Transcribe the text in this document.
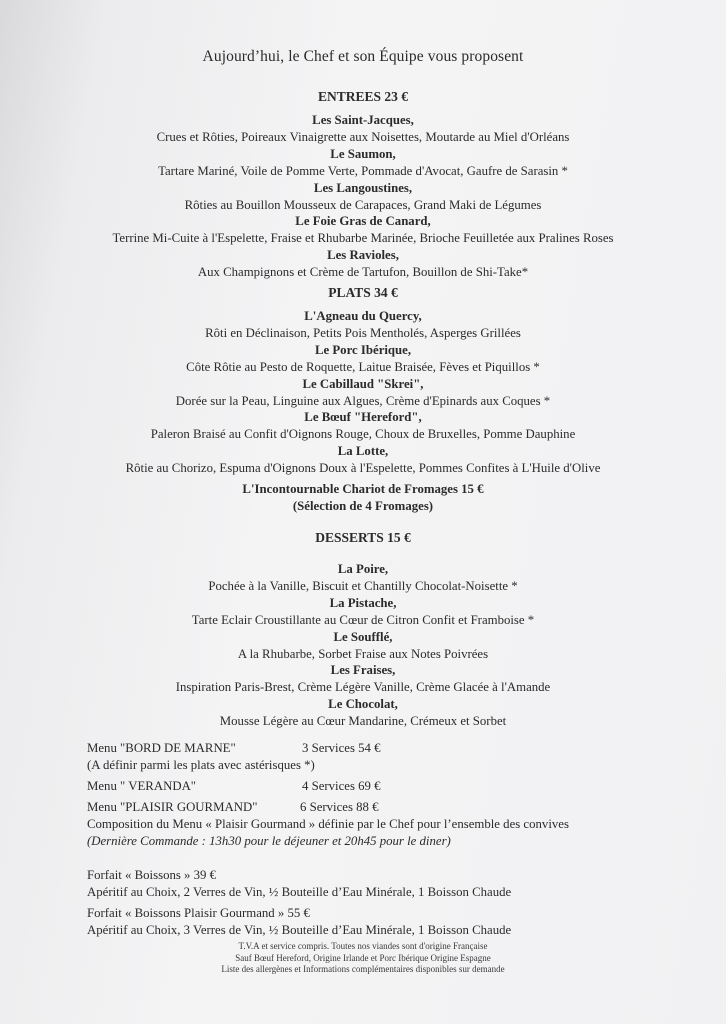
Aujourd’hui, le Chef et son Équipe vous proposent
ENTREES 23 €
Les Saint-Jacques,
Crues et Rôties, Poireaux Vinaigrette aux Noisettes, Moutarde au Miel d'Orléans
Le Saumon,
Tartare Mariné, Voile de Pomme Verte, Pommade d'Avocat, Gaufre de Sarasin *
Les Langoustines,
Rôties au Bouillon Mousseux de Carapaces, Grand Maki de Légumes
Le Foie Gras de Canard,
Terrine Mi-Cuite à l'Espelette, Fraise et Rhubarbe Marinée, Brioche Feuilletée aux Pralines Roses
Les Ravioles,
Aux Champignons et Crème de Tartufon, Bouillon de Shi-Take*
PLATS 34 €
L'Agneau du Quercy,
Rôti en Déclinaison, Petits Pois Mentholés, Asperges Grillées
Le Porc Ibérique,
Côte Rôtie au Pesto de Roquette, Laitue Braisée, Fèves et Piquillos *
Le Cabillaud "Skrei",
Dorée sur la Peau, Linguine aux Algues, Crème d'Epinards aux Coques *
Le Bœuf "Hereford",
Paleron Braisé au Confit d'Oignons Rouge, Choux de Bruxelles, Pomme Dauphine
La Lotte,
Rôtie au Chorizo, Espuma d'Oignons Doux à l'Espelette, Pommes Confites à L'Huile d'Olive
L'Incontournable Chariot de Fromages 15 €
(Sélection de 4 Fromages)
DESSERTS 15 €
La Poire,
Pochée à la Vanille, Biscuit et Chantilly Chocolat-Noisette *
La Pistache,
Tarte Eclair Croustillante au Cœur de Citron Confit et Framboise *
Le Soufflé,
A la Rhubarbe, Sorbet Fraise aux Notes Poivrées
Les Fraises,
Inspiration Paris-Brest, Crème Légère Vanille, Crème Glacée à l'Amande
Le Chocolat,
Mousse Légère au Cœur Mandarine, Crémeux et Sorbet
Menu "BORD DE MARNE"	3 Services 54 €
(A définir parmi les plats avec astérisques *)
Menu " VERANDA"	4 Services 69 €
Menu "PLAISIR GOURMAND"	6 Services 88 €
Composition du Menu « Plaisir Gourmand » définie par le Chef pour l’ensemble des convives
(Dernière Commande : 13h30 pour le déjeuner et 20h45 pour le diner)
Forfait « Boissons » 39 €
Apéritif au Choix, 2 Verres de Vin, ½ Bouteille d’Eau Minérale, 1 Boisson Chaude
Forfait « Boissons Plaisir Gourmand » 55 €
Apéritif au Choix, 3 Verres de Vin, ½ Bouteille d’Eau Minérale, 1 Boisson Chaude
T.V.A et service compris. Toutes nos viandes sont d'origine Française
Sauf Bœuf Hereford, Origine Irlande et Porc Ibérique Origine Espagne
Liste des allergènes et Informations complémentaires disponibles sur demande
